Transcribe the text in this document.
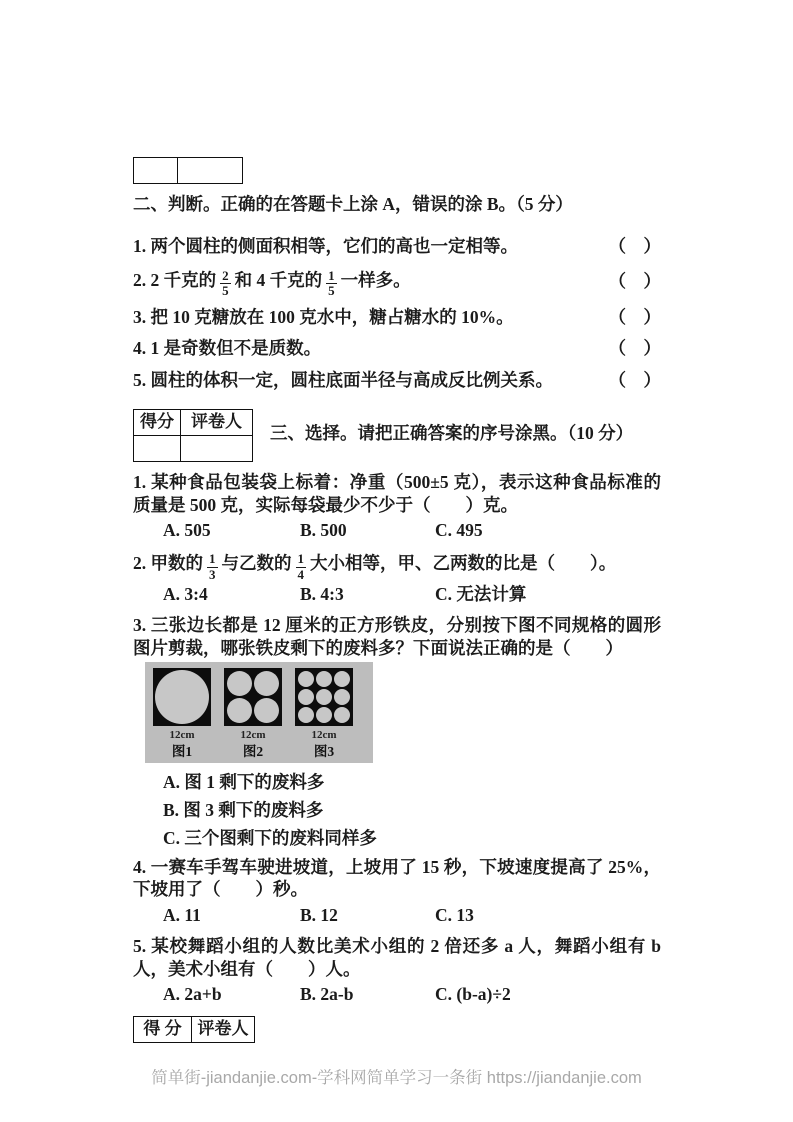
二、判断。正确的在答题卡上涂 A，错误的涂 B。（5 分）
1. 两个圆柱的侧面积相等，它们的高也一定相等。	（　）
2. 2 千克的 $\frac{2}{5}$ 和 4 千克的 $\frac{1}{5}$ 一样多。	（　）
3. 把 10 克糖放在 100 克水中，糖占糖水的 10%。	（　）
4. 1 是奇数但不是质数。	（　）
5. 圆柱的体积一定，圆柱底面半径与高成反比例关系。	（　）
得分	评卷人

三、选择。请把正确答案的序号涂黑。（10 分）

1. 某种食品包装袋上标着：净重（500±5 克），表示这种食品标准的质量是 500 克，实际每袋最少不少于（　　）克。

A. 505	B. 500	C. 495

2. 甲数的 $\frac{1}{3}$ 与乙数的 $\frac{1}{4}$ 大小相等，甲、乙两数的比是（　　）。

A. 3:4	B. 4:3	C. 无法计算

3. 三张边长都是 12 厘米的正方形铁皮，分别按下图不同规格的圆形图片剪裁，哪张铁皮剩下的废料多？下面说法正确的是（　　）

12cm
图1
12cm
图2
12cm
图3
A. 图 1 剩下的废料多
B. 图 3 剩下的废料多
C. 三个图剩下的废料同样多

4. 一赛车手驾车驶进坡道，上坡用了 15 秒，下坡速度提高了 25%，下坡用了（　　）秒。

A. 11	B. 12	C. 13

5. 某校舞蹈小组的人数比美术小组的 2 倍还多 a 人，舞蹈小组有 b 人，美术小组有（　　）人。

A. 2a+b	B. 2a-b	C. (b-a)÷2
得 分	评卷人
简单街-jiandanjie.com-学科网简单学习一条街 https://jiandanjie.com
